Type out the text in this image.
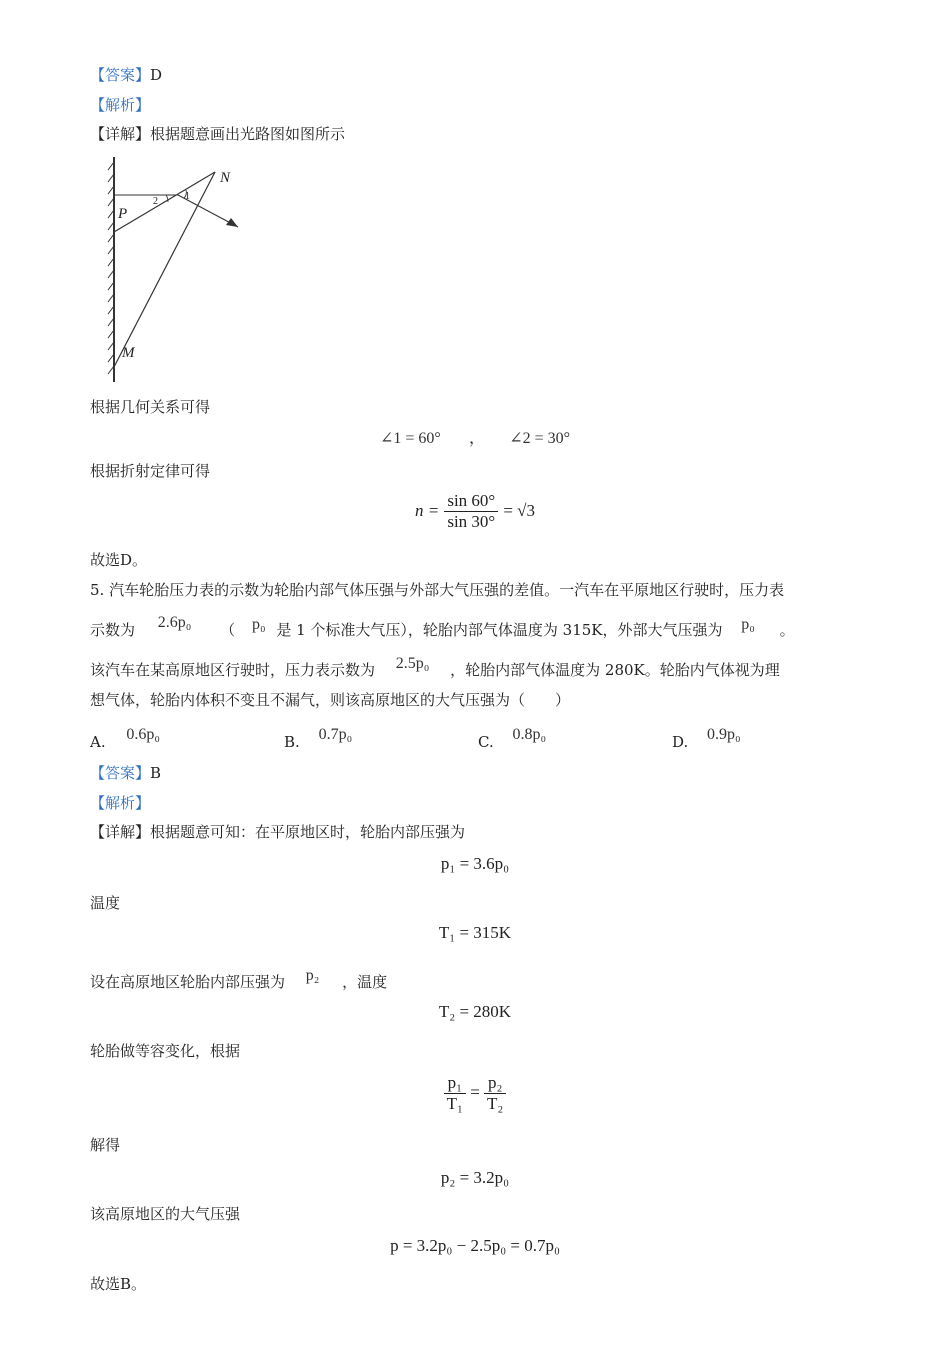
【答案】D
【解析】
【详解】根据题意画出光路图如图所示
N
P
M
1
2
根据几何关系可得
∠1 = 60° ， ∠2 = 30°
根据折射定律可得
$n = \frac{\sin 60^\circ}{\sin 30^\circ} = √3$
故选D。
5. 汽车轮胎压力表的示数为轮胎内部气体压强与外部大气压强的差值。一汽车在平原地区行驶时，压力表
示数为 2.6p₀ （ p₀ 是 1 个标准大气压），轮胎内部气体温度为 315K，外部大气压强为 p₀ 。
该汽车在某高原地区行驶时，压力表示数为 2.5p₀ ，轮胎内部气体温度为 280K。轮胎内气体视为理
想气体，轮胎内体积不变且不漏气，则该高原地区的大气压强为（　　）
A. 0.6p₀	B. 0.7p₀	C. 0.8p₀	D. 0.9p₀
【答案】B
【解析】
【详解】根据题意可知：在平原地区时，轮胎内部压强为
p₁ = 3.6p₀
温度
T₁ = 315K
设在高原地区轮胎内部压强为 p₂ ，温度
T₂ = 280K
轮胎做等容变化，根据
$\frac{\text{p₁}}{\text{T₁}} = \frac{\text{p₂}}{\text{T₂}}$
解得
p₂ = 3.2p₀
该高原地区的大气压强
p = 3.2p₀ − 2.5p₀ = 0.7p₀
故选B。
